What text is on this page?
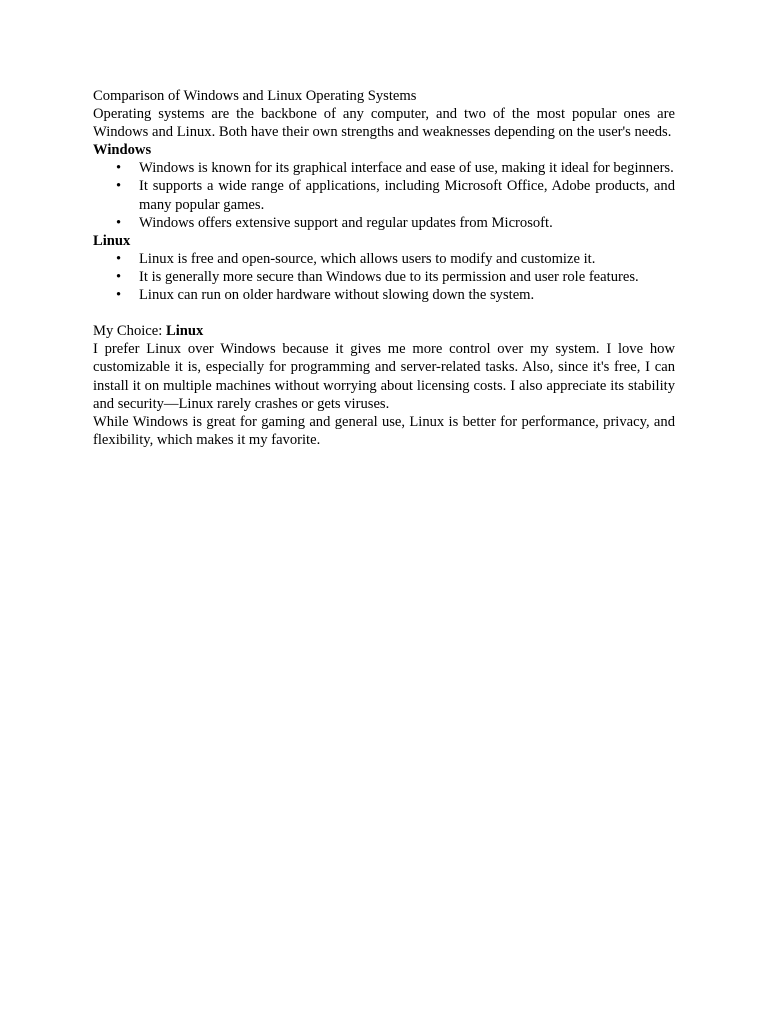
Comparison of Windows and Linux Operating Systems

Operating systems are the backbone of any computer, and two of the most popular ones are Windows and Linux. Both have their own strengths and weaknesses depending on the user's needs.

Windows

• Windows is known for its graphical interface and ease of use, making it ideal for beginners.
• It supports a wide range of applications, including Microsoft Office, Adobe products, and many popular games.
• Windows offers extensive support and regular updates from Microsoft.

Linux

• Linux is free and open-source, which allows users to modify and customize it.
• It is generally more secure than Windows due to its permission and user role features.
• Linux can run on older hardware without slowing down the system.

My Choice: Linux

I prefer Linux over Windows because it gives me more control over my system. I love how customizable it is, especially for programming and server-related tasks. Also, since it's free, I can install it on multiple machines without worrying about licensing costs. I also appreciate its stability and security—Linux rarely crashes or gets viruses.

While Windows is great for gaming and general use, Linux is better for performance, privacy, and flexibility, which makes it my favorite.
